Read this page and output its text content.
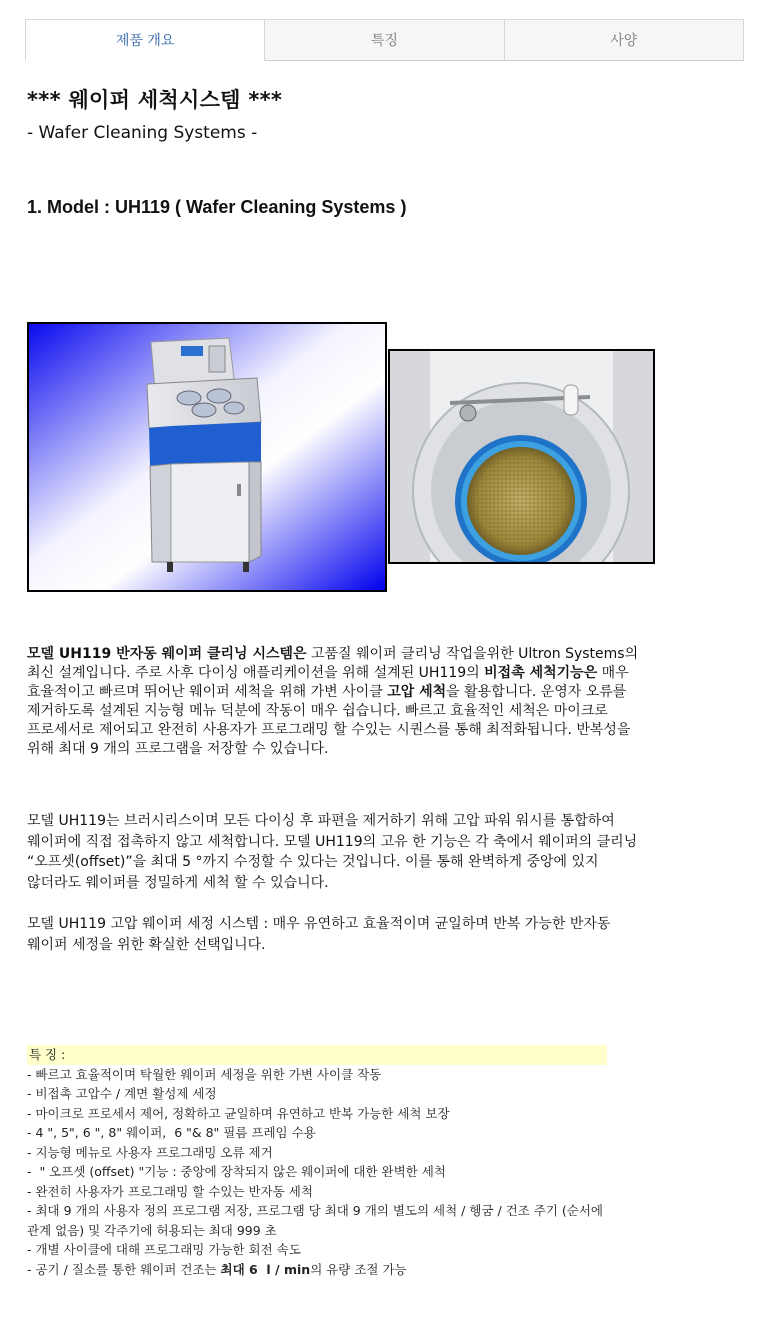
제품 개요	특징	사양
*** 웨이퍼 세척시스템 ***
- Wafer Cleaning Systems -
1. Model : UH119 ( Wafer Cleaning Systems )

모델 UH119 반자동 웨이퍼 클리닝 시스템은 고품질 웨이퍼 클리닝 작업을위한 Ultron Systems의 최신 설계입니다. 주로 사후 다이싱 애플리케이션을 위해 설계된 UH119의 비접촉 세척기능은 매우 효율적이고 빠르며 뛰어난 웨이퍼 세척을 위해 가변 사이클 고압 세척을 활용합니다. 운영자 오류를 제거하도록 설계된 지능형 메뉴 덕분에 작동이 매우 쉽습니다. 빠르고 효율적인 세척은 마이크로 프로세서로 제어되고 완전히 사용자가 프로그래밍 할 수있는 시퀀스를 통해 최적화됩니다. 반복성을 위해 최대 9 개의 프로그램을 저장할 수 있습니다.

모델 UH119는 브러시리스이며 모든 다이싱 후 파편을 제거하기 위해 고압 파워 워시를 통합하여 웨이퍼에 직접 접촉하지 않고 세척합니다. 모델 UH119의 고유 한 기능은 각 축에서 웨이퍼의 클리닝 “오프셋(offset)”을 최대 5 °까지 수정할 수 있다는 것입니다. 이를 통해 완벽하게 중앙에 있지 않더라도 웨이퍼를 정밀하게 세척 할 수 있습니다.

모델 UH119 고압 웨이퍼 세정 시스템 : 매우 유연하고 효율적이며 균일하며 반복 가능한 반자동 웨이퍼 세정을 위한 확실한 선택입니다.

특 징 :
- 빠르고 효율적이며 탁월한 웨이퍼 세정을 위한 가변 사이클 작동
- 비접촉 고압수 / 계면 활성제 세정
- 마이크로 프로세서 제어, 정확하고 균일하며 유연하고 반복 가능한 세척 보장
- 4 ", 5", 6 ", 8" 웨이퍼,  6 "& 8" 필름 프레임 수용
- 지능형 메뉴로 사용자 프로그래밍 오류 제거
-  " 오프셋 (offset) "기능 : 중앙에 장착되지 않은 웨이퍼에 대한 완벽한 세척
- 완전히 사용자가 프로그래밍 할 수있는 반자동 세척
- 최대 9 개의 사용자 정의 프로그램 저장, 프로그램 당 최대 9 개의 별도의 세척 / 헹굼 / 건조 주기 (순서에 관계 없음) 및 각주기에 허용되는 최대 999 초
- 개별 사이클에 대해 프로그래밍 가능한 회전 속도
- 공기 / 질소를 통한 웨이퍼 건조는 최대 6  l / min의 유량 조절 가능
